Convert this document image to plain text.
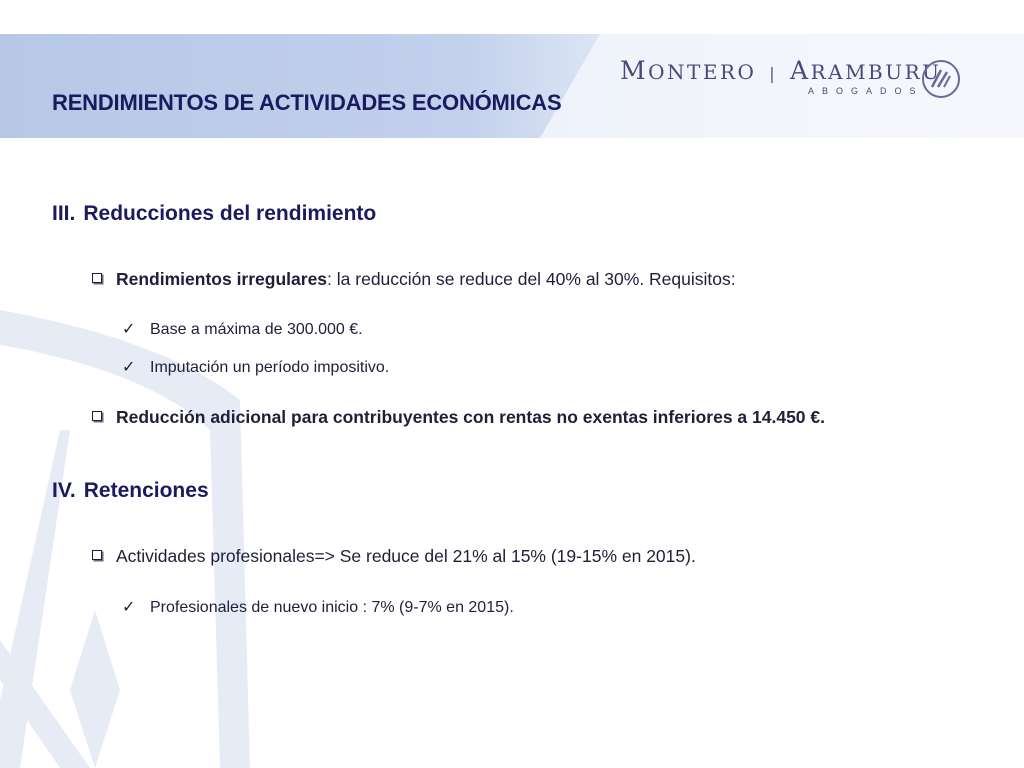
RENDIMIENTOS DE ACTIVIDADES ECONÓMICAS
MONTERO | ARAMBURU
ABOGADOS
III. Reducciones del rendimiento
Rendimientos irregulares: la reducción se reduce del 40% al 30%. Requisitos:
✓ Base a máxima de 300.000 €.
✓ Imputación un período impositivo.
Reducción adicional para contribuyentes con rentas no exentas inferiores a 14.450 €.
IV. Retenciones
Actividades profesionales=> Se reduce del 21% al 15% (19-15% en 2015).
✓ Profesionales de nuevo inicio : 7% (9-7% en 2015).
